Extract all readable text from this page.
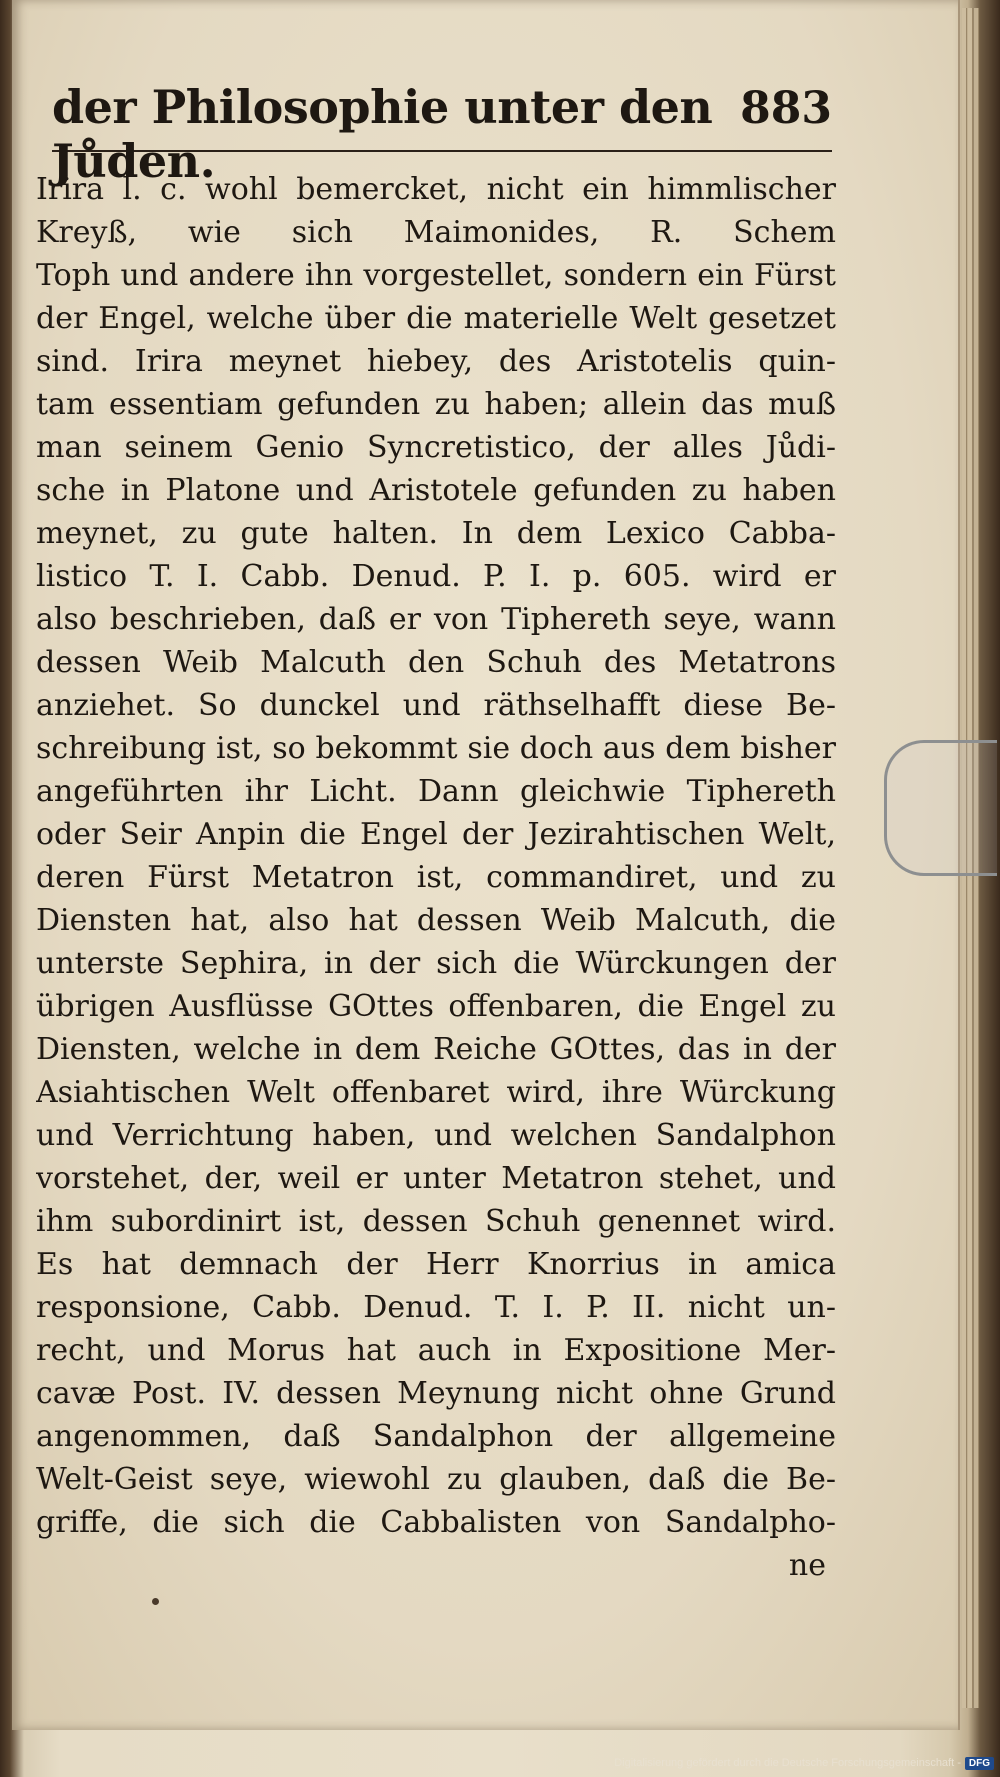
der Philosophie unter den Jůden.
883
Irira l. c. wohl bemercket, nicht ein himmlischer
Kreyß, wie sich Maimonides, R. Schem
Toph und andere ihn vorgestellet, sondern ein Fürst
der Engel, welche über die materielle Welt gesetzet
sind. Irira meynet hiebey, des Aristotelis quin-
tam essentiam gefunden zu haben; allein das muß
man seinem Genio Syncretistico, der alles Jůdi-
sche in Platone und Aristotele gefunden zu haben
meynet, zu gute halten. In dem Lexico Cabba-
listico T. I. Cabb. Denud. P. I. p. 605. wird er
also beschrieben, daß er von Tiphereth seye, wann
dessen Weib Malcuth den Schuh des Metatrons
anziehet. So dunckel und räthselhafft diese Be-
schreibung ist, so bekommt sie doch aus dem bisher
angeführten ihr Licht. Dann gleichwie Tiphereth
oder Seir Anpin die Engel der Jezirahtischen Welt,
deren Fürst Metatron ist, commandiret, und zu
Diensten hat, also hat dessen Weib Malcuth, die
unterste Sephira, in der sich die Würckungen der
übrigen Ausflüsse GOttes offenbaren, die Engel zu
Diensten, welche in dem Reiche GOttes, das in der
Asiahtischen Welt offenbaret wird, ihre Würckung
und Verrichtung haben, und welchen Sandalphon
vorstehet, der, weil er unter Metatron stehet, und
ihm subordinirt ist, dessen Schuh genennet wird.
Es hat demnach der Herr Knorrius in amica
responsione, Cabb. Denud. T. I. P. II. nicht un-
recht, und Morus hat auch in Expositione Mer-
cavæ Post. IV. dessen Meynung nicht ohne Grund
angenommen, daß Sandalphon der allgemeine
Welt-Geist seye, wiewohl zu glauben, daß die Be-
griffe, die sich die Cabbalisten von Sandalpho-
ne
Digitalisierung gefördert durch die Deutsche Forschungsgemeinschaft - DFG
